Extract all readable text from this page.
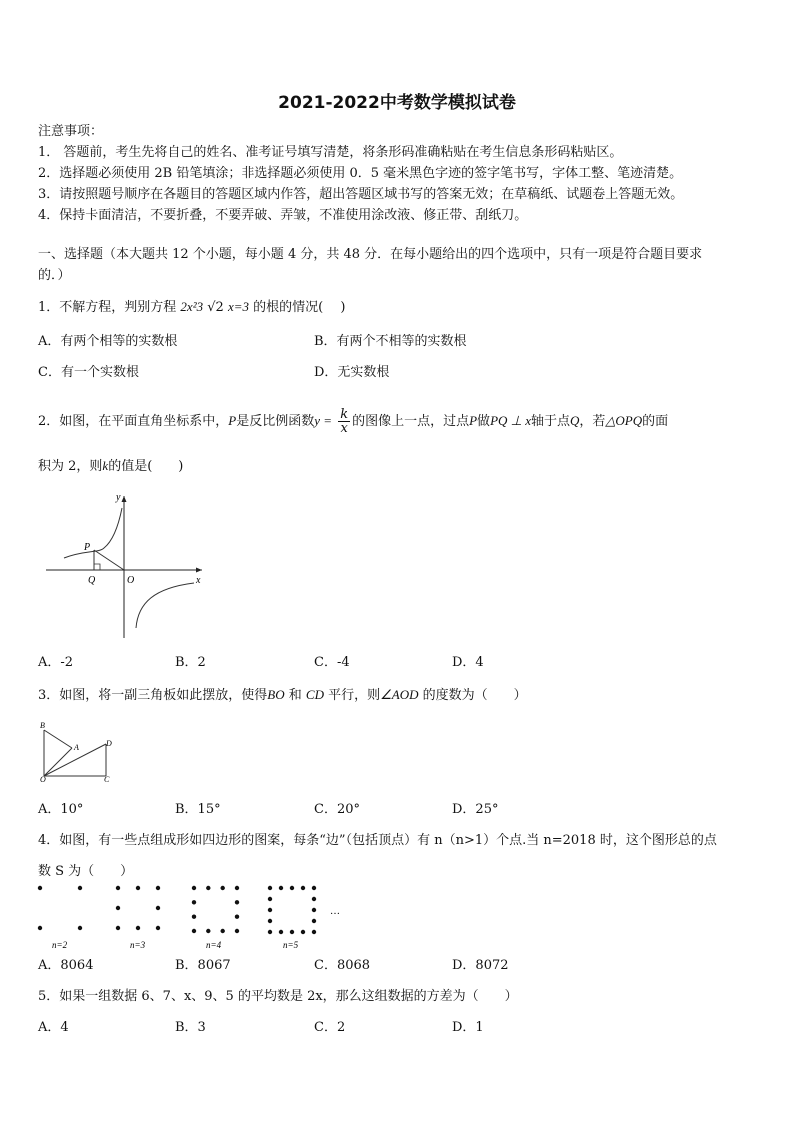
2021-2022中考数学模拟试卷
注意事项：
1． 答题前，考生先将自己的姓名、准考证号填写清楚，将条形码准确粘贴在考生信息条形码粘贴区。
2．选择题必须使用 2B 铅笔填涂；非选择题必须使用 0．5 毫米黑色字迹的签字笔书写，字体工整、笔迹清楚。
3．请按照题号顺序在各题目的答题区域内作答，超出答题区域书写的答案无效；在草稿纸、试题卷上答题无效。
4．保持卡面清洁，不要折叠，不要弄破、弄皱，不准使用涂改液、修正带、刮纸刀。
一、选择题（本大题共 12 个小题，每小题 4 分，共 48 分．在每小题给出的四个选项中，只有一项是符合题目要求
的．）
1．不解方程，判别方程 2x²3 √2 x=3 的根的情况(　 )
A．有两个相等的实数根	B．有两个不相等的实数根
C．有一个实数根	D．无实数根
2．如图，在平面直角坐标系中，P是反比例函数$y = \frac{k}{x}$ 的图像上一点，过点P做PQ ⊥ x轴于点Q，若△OPQ的面
积为 2，则k的值是(　　)
y
x
P
Q	O
A．-2	B．2	C．-4	D．4
3．如图，将一副三角板如此摆放，使得BO 和 CD 平行，则∠AOD 的度数为（　　）
B
A	D
O	C
A．10°	B．15°	C．20°	D．25°
4．如图，有一些点组成形如四边形的图案，每条“边”（包括顶点）有 n（n>1）个点.当 n=2018 时，这个图形总的点
数 S 为（　　）
n=2	n=3	n=4	n=5
…
A．8064	B．8067	C．8068	D．8072
5．如果一组数据 6、7、x、9、5 的平均数是 2x，那么这组数据的方差为（　　）
A．4	B．3	C．2	D．1
